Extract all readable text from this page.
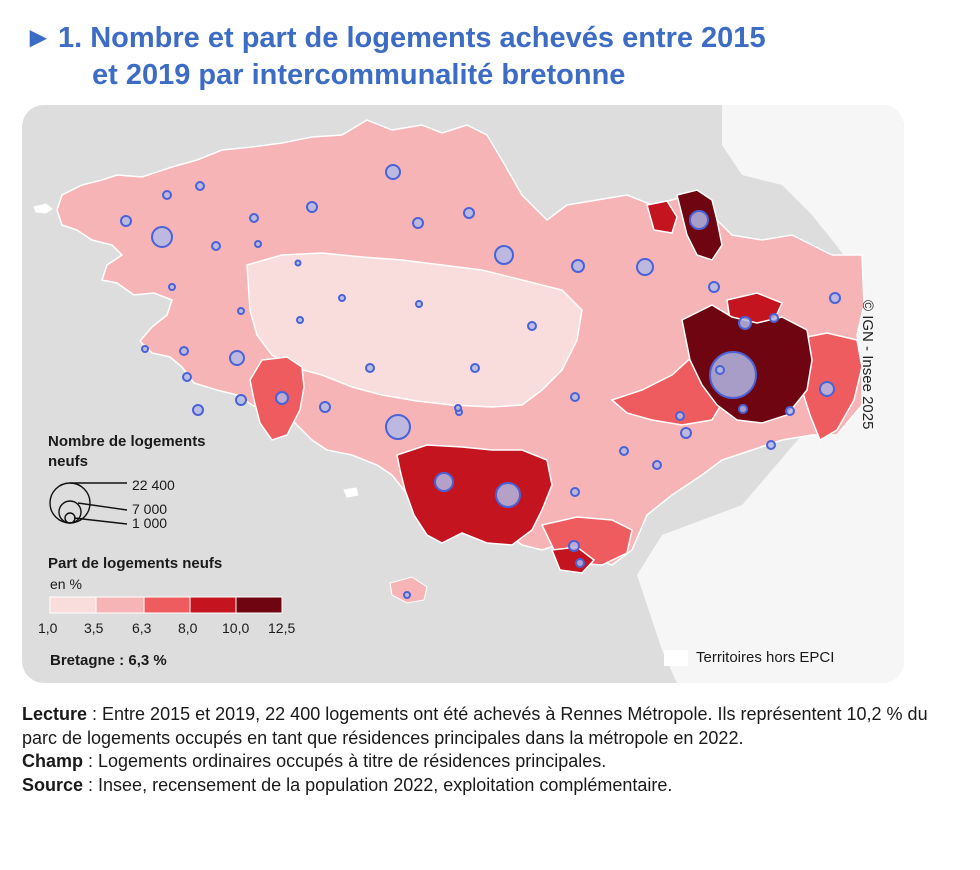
► 1. Nombre et part de logements achevés entre 2015
et 2019 par intercommunalité bretonne
© IGN - Insee 2025
Nombre de logements neufs
22 400
7 000
1 000
Part de logements neufs
en %
1,0 3,5 6,3 8,0 10,0 12,5
Bretagne : 6,3 %	Territoires hors EPCI

Lecture : Entre 2015 et 2019, 22 400 logements ont été achevés à Rennes Métropole. Ils représentent 10,2 % du parc de logements occupés en tant que résidences principales dans la métropole en 2022.

Champ : Logements ordinaires occupés à titre de résidences principales.

Source : Insee, recensement de la population 2022, exploitation complémentaire.
